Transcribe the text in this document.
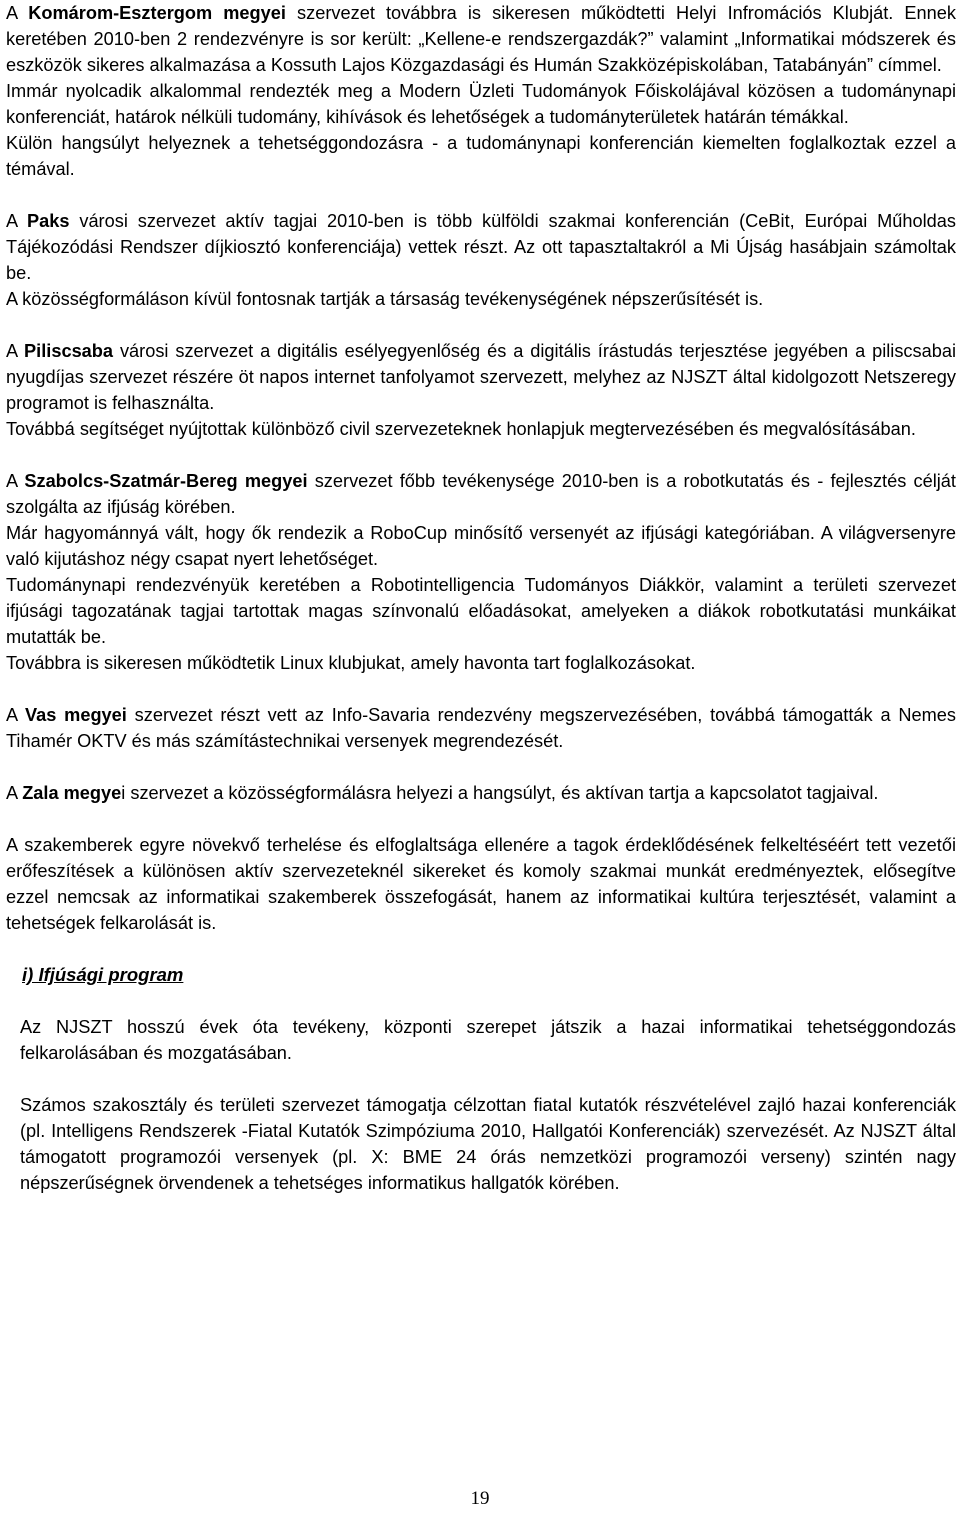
A Komárom-Esztergom megyei szervezet továbbra is sikeresen működtetti Helyi Infromációs Klubját. Ennek keretében 2010-ben 2 rendezvényre is sor került: „Kellene-e rendszergazdák?” valamint „Informatikai módszerek és eszközök sikeres alkalmazása a Kossuth Lajos Közgazdasági és Humán Szakközépiskolában, Tatabányán” címmel.

Immár nyolcadik alkalommal rendezték meg a Modern Üzleti Tudományok Főiskolájával közösen a tudománynapi konferenciát, határok nélküli tudomány, kihívások és lehetőségek a tudományterületek határán témákkal.

Külön hangsúlyt helyeznek a tehetséggondozásra - a tudománynapi konferencián kiemelten foglalkoztak ezzel a témával.

A Paks városi szervezet aktív tagjai 2010-ben is több külföldi szakmai konferencián (CeBit, Európai Műholdas Tájékozódási Rendszer díjkiosztó konferenciája) vettek részt. Az ott tapasztaltakról a Mi Újság hasábjain számoltak be.

A közösségformáláson kívül fontosnak tartják a társaság tevékenységének népszerűsítését is.

A Piliscsaba városi szervezet a digitális esélyegyenlőség és a digitális írástudás terjesztése jegyében a piliscsabai nyugdíjas szervezet részére öt napos internet tanfolyamot szervezett, melyhez az NJSZT által kidolgozott Netszeregy programot is felhasználta.

Továbbá segítséget nyújtottak különböző civil szervezeteknek honlapjuk megtervezésében és megvalósításában.

A Szabolcs-Szatmár-Bereg megyei szervezet főbb tevékenysége 2010-ben is a robotkutatás és - fejlesztés célját szolgálta az ifjúság körében.

Már hagyománnyá vált, hogy ők rendezik a RoboCup minősítő versenyét az ifjúsági kategóriában. A világversenyre való kijutáshoz négy csapat nyert lehetőséget.

Tudománynapi rendezvényük keretében a Robotintelligencia Tudományos Diákkör, valamint a területi szervezet ifjúsági tagozatának tagjai tartottak magas színvonalú előadásokat, amelyeken a diákok robotkutatási munkáikat mutatták be.

Továbbra is sikeresen működtetik Linux klubjukat, amely havonta tart foglalkozásokat.

A Vas megyei szervezet részt vett az Info-Savaria rendezvény megszervezésében, továbbá támogatták a Nemes Tihamér OKTV és más számítástechnikai versenyek megrendezését.

A Zala megyei szervezet a közösségformálásra helyezi a hangsúlyt, és aktívan tartja a kapcsolatot tagjaival.

A szakemberek egyre növekvő terhelése és elfoglaltsága ellenére a tagok érdeklődésének felkeltéséért tett vezetői erőfeszítések a különösen aktív szervezeteknél sikereket és komoly szakmai munkát eredményeztek, elősegítve ezzel nemcsak az informatikai szakemberek összefogását, hanem az informatikai kultúra terjesztését, valamint a tehetségek felkarolását is.

i) Ifjúsági program

Az NJSZT hosszú évek óta tevékeny, központi szerepet játszik a hazai informatikai tehetséggondozás felkarolásában és mozgatásában.

Számos szakosztály és területi szervezet támogatja célzottan fiatal kutatók részvételével zajló hazai konferenciák (pl. Intelligens Rendszerek -Fiatal Kutatók Szimpóziuma 2010, Hallgatói Konferenciák) szervezését. Az NJSZT által támogatott programozói versenyek (pl. X: BME 24 órás nemzetközi programozói verseny) szintén nagy népszerűségnek örvendenek a tehetséges informatikus hallgatók körében.

19
